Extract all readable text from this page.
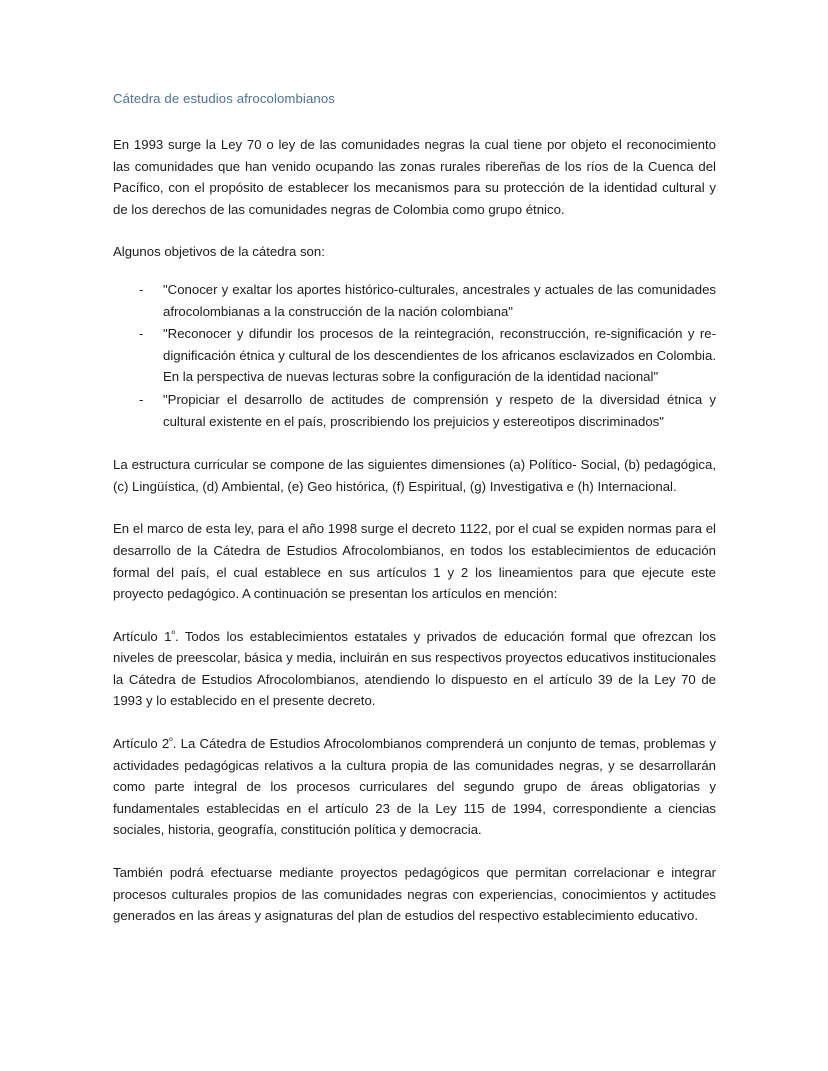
Cátedra de estudios afrocolombianos

En 1993 surge la Ley 70 o ley de las comunidades negras la cual tiene por objeto el reconocimiento las comunidades que han venido ocupando las zonas rurales ribereñas de los ríos de la Cuenca del Pacífico, con el propósito de establecer los mecanismos para su protección de la identidad cultural y de los derechos de las comunidades negras de Colombia como grupo étnico.

Algunos objetivos de la cátedra son:

-	"Conocer y exaltar los aportes histórico-culturales, ancestrales y actuales de las comunidades afrocolombianas a la construcción de la nación colombiana"
-	"Reconocer y difundir los procesos de la reintegración, reconstrucción, re-significación y re-dignificación étnica y cultural de los descendientes de los africanos esclavizados en Colombia. En la perspectiva de nuevas lecturas sobre la configuración de la identidad nacional"
-	"Propiciar el desarrollo de actitudes de comprensión y respeto de la diversidad étnica y cultural existente en el país, proscribiendo los prejuicios y estereotipos discriminados"

La estructura curricular se compone de las siguientes dimensiones (a) Político- Social, (b) pedagógica, (c) Lingüística, (d) Ambiental, (e) Geo histórica, (f) Espiritual, (g) Investigativa e (h) Internacional.

En el marco de esta ley, para el año 1998 surge el decreto 1122, por el cual se expiden normas para el desarrollo de la Cátedra de Estudios Afrocolombianos, en todos los establecimientos de educación formal del país, el cual establece en sus artículos 1 y 2 los lineamientos para que ejecute este proyecto pedagógico. A continuación se presentan los artículos en mención:

Artículo $1^º$. Todos los establecimientos estatales y privados de educación formal que ofrezcan los niveles de preescolar, básica y media, incluirán en sus respectivos proyectos educativos institucionales la Cátedra de Estudios Afrocolombianos, atendiendo lo dispuesto en el artículo 39 de la Ley 70 de 1993 y lo establecido en el presente decreto.

Artículo $2^º$. La Cátedra de Estudios Afrocolombianos comprenderá un conjunto de temas, problemas y actividades pedagógicas relativos a la cultura propia de las comunidades negras, y se desarrollarán como parte integral de los procesos curriculares del segundo grupo de áreas obligatorias y fundamentales establecidas en el artículo 23 de la Ley 115 de 1994, correspondiente a ciencias sociales, historia, geografía, constitución política y democracia.

También podrá efectuarse mediante proyectos pedagógicos que permitan correlacionar e integrar procesos culturales propios de las comunidades negras con experiencias, conocimientos y actitudes generados en las áreas y asignaturas del plan de estudios del respectivo establecimiento educativo.
